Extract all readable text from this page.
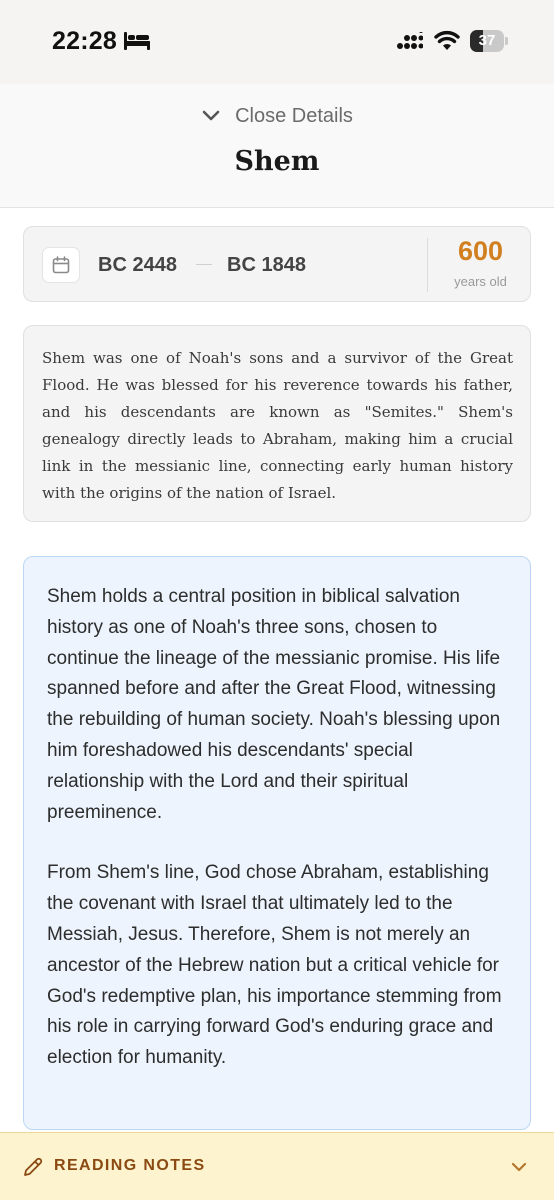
22:28	37
Close Details
Shem
BC 2448	BC 1848	600
years old

Shem was one of Noah's sons and a survivor of the Great Flood. He was blessed for his reverence towards his father, and his descendants are known as "Semites." Shem's genealogy directly leads to Abraham, making him a crucial link in the messianic line, connecting early human history with the origins of the nation of Israel.

Shem holds a central position in biblical salvation history as one of Noah's three sons, chosen to continue the lineage of the messianic promise. His life spanned before and after the Great Flood, witnessing the rebuilding of human society. Noah's blessing upon him foreshadowed his descendants' special relationship with the Lord and their spiritual preeminence.

From Shem's line, God chose Abraham, establishing the covenant with Israel that ultimately led to the Messiah, Jesus. Therefore, Shem is not merely an ancestor of the Hebrew nation but a critical vehicle for God's redemptive plan, his importance stemming from his role in carrying forward God's enduring grace and election for humanity.

READING NOTES
